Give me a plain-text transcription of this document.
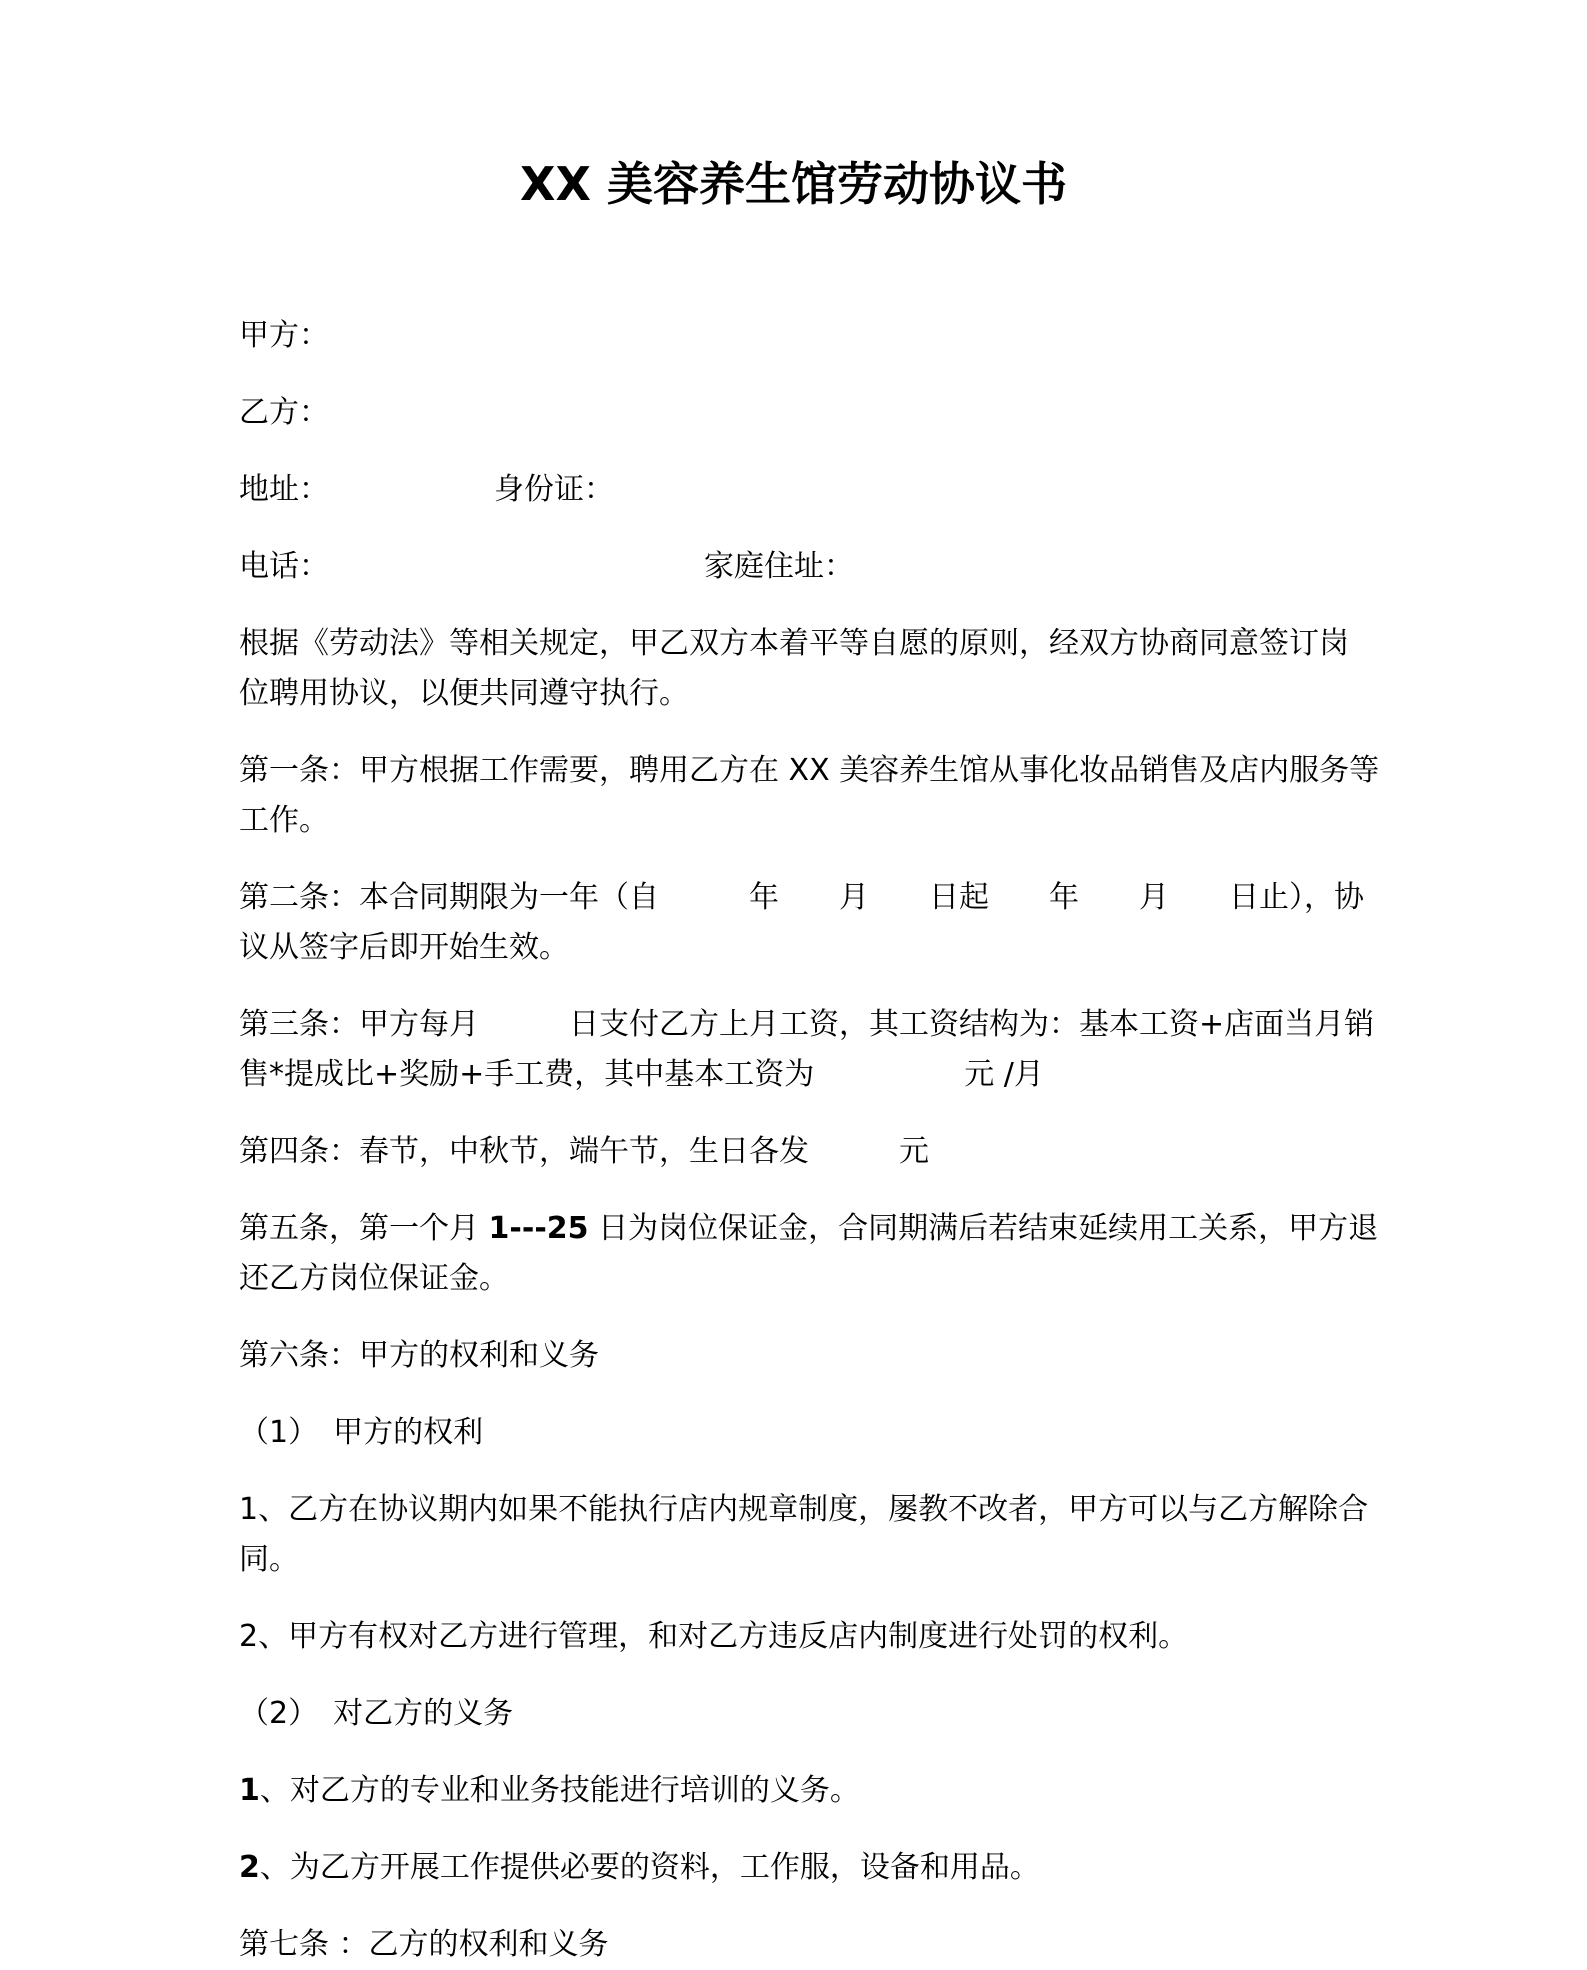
XX 美容养生馆劳动协议书
甲方：
乙方：
地址：　　　　　　身份证：
电话：　　　　　　　　　　　　　家庭住址：
根据《劳动法》等相关规定，甲乙双方本着平等自愿的原则，经双方协商同意签订岗
位聘用协议，以便共同遵守执行。
第一条：甲方根据工作需要，聘用乙方在 XX 美容养生馆从事化妆品销售及店内服务等
工作。
第二条：本合同期限为一年（自　　　年　　月　　日起　　年　　月　　日止），协
议从签字后即开始生效。
第三条：甲方每月　　　日支付乙方上月工资，其工资结构为：基本工资+店面当月销
售*提成比+奖励+手工费，其中基本工资为　　　　　元 /月
第四条：春节，中秋节，端午节，生日各发　　　元
第五条，第一个月 1---25 日为岗位保证金，合同期满后若结束延续用工关系，甲方退
还乙方岗位保证金。
第六条：甲方的权利和义务
（1）　甲方的权利
1、乙方在协议期内如果不能执行店内规章制度，屡教不改者，甲方可以与乙方解除合
同。
2、甲方有权对乙方进行管理，和对乙方违反店内制度进行处罚的权利。
（2）　对乙方的义务
1、对乙方的专业和业务技能进行培训的义务。
2、为乙方开展工作提供必要的资料，工作服，设备和用品。
第七条 ：乙方的权利和义务
